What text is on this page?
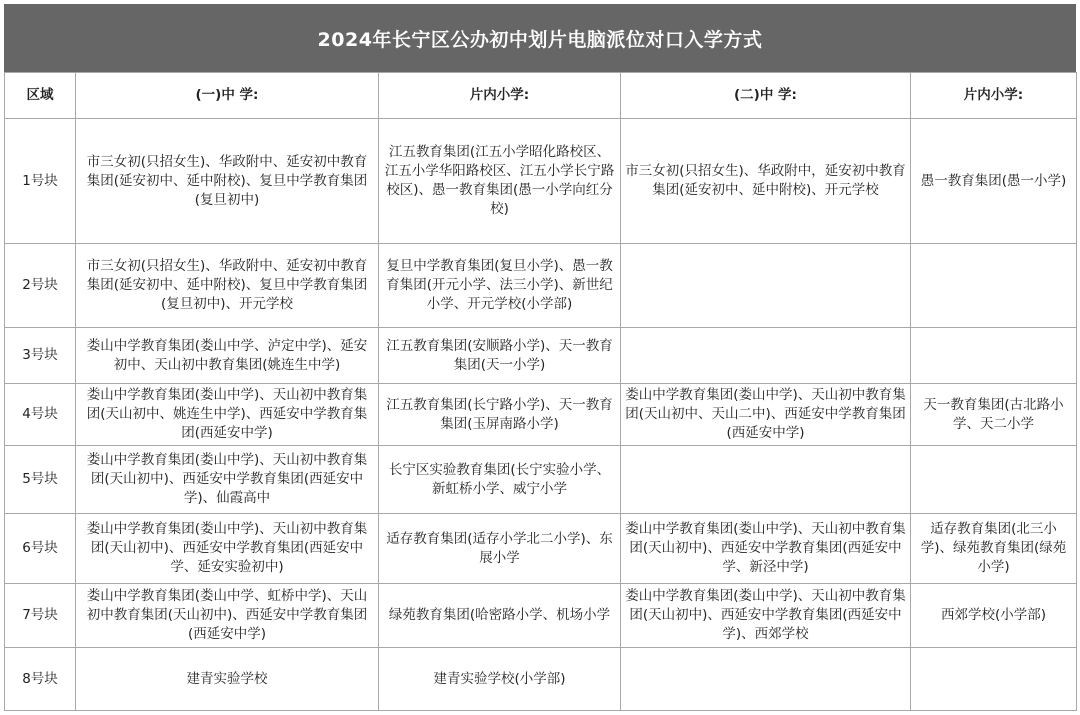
2024年长宁区公办初中划片电脑派位对口入学方式
区域	(一)中 学:	片内小学:	(二)中 学:	片内小学:
1号块	市三女初(只招女生)、华政附中、延安初中教育集团(延安初中、延中附校)、复旦中学教育集团(复旦初中)	江五教育集团(江五小学昭化路校区、江五小学华阳路校区、江五小学长宁路校区)、愚一教育集团(愚一小学向红分校)	市三女初(只招女生)、华政附中，延安初中教育集团(延安初中、延中附校)、开元学校	愚一教育集团(愚一小学)
2号块	市三女初(只招女生)、华政附中、延安初中教育集团(延安初中、延中附校)、复旦中学教育集团(复旦初中)、开元学校	复旦中学教育集团(复旦小学)、愚一教育集团(开元小学、法三小学)、新世纪小学、开元学校(小学部)		
3号块	娄山中学教育集团(娄山中学、泸定中学)、延安初中、天山初中教育集团(姚连生中学)	江五教育集团(安顺路小学)、天一教育集团(天一小学)		
4号块	娄山中学教育集团(娄山中学)、天山初中教育集团(天山初中、姚连生中学)、西延安中学教育集团(西延安中学)	江五教育集团(长宁路小学)、天一教育集团(玉屏南路小学)	娄山中学教育集团(娄山中学)、天山初中教育集团(天山初中、天山二中)、西延安中学教育集团(西延安中学)	天一教育集团(古北路小学、天二小学
5号块	娄山中学教育集团(娄山中学)、天山初中教育集团(天山初中)、西延安中学教育集团(西延安中学)、仙霞高中	长宁区实验教育集团(长宁实验小学、新虹桥小学、威宁小学		
6号块	娄山中学教育集团(娄山中学)、天山初中教育集团(天山初中)、西延安中学教育集团(西延安中学、延安实验初中)	适存教育集团(适存小学北二小学)、东展小学	娄山中学教育集团(娄山中学)、天山初中教育集团(天山初中)、西延安中学教育集团(西延安中学、新泾中学)	适存教育集团(北三小学)、绿苑教育集团(绿苑小学)
7号块	娄山中学教育集团(娄山中学、虹桥中学)、天山初中教育集团(天山初中)、西延安中学教育集团(西延安中学)	绿苑教育集团(哈密路小学、机场小学	娄山中学教育集团(娄山中学)、天山初中教育集团(天山初中)、西延安中学教育集团(西延安中学)、西郊学校	西郊学校(小学部)
8号块	建青实验学校	建青实验学校(小学部)		
